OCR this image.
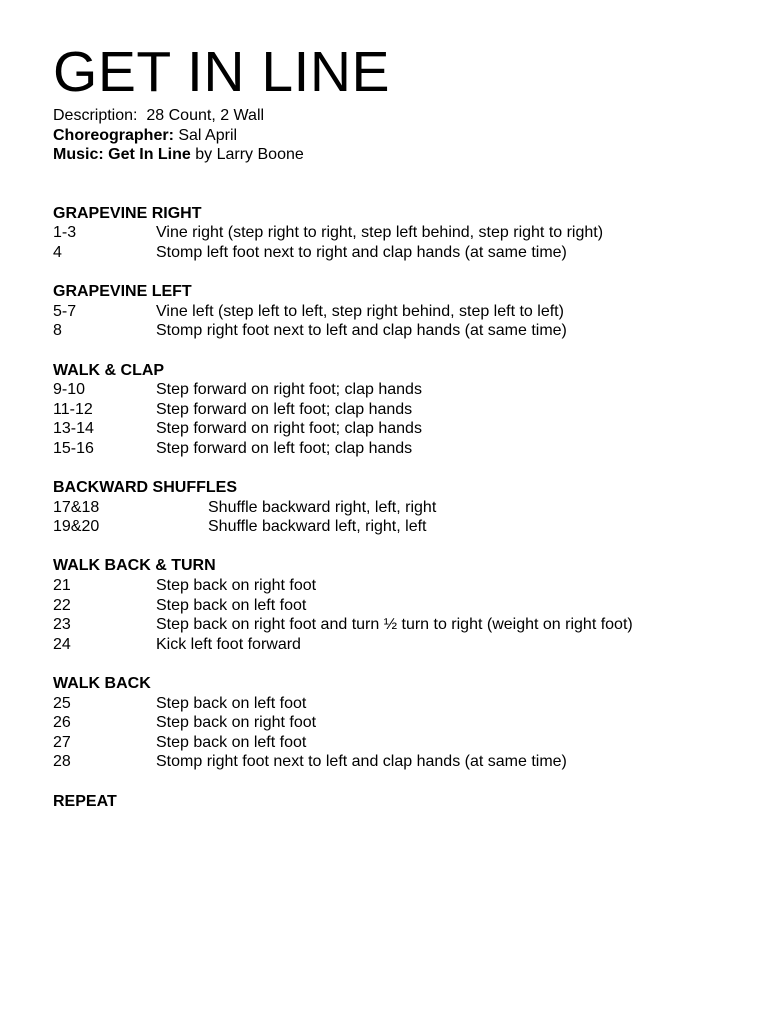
GET IN LINE
Description: 28 Count, 2 Wall
Choreographer: Sal April
Music: Get In Line by Larry Boone
GRAPEVINE RIGHT
1-3	Vine right (step right to right, step left behind, step right to right)
4	Stomp left foot next to right and clap hands (at same time)
GRAPEVINE LEFT
5-7	Vine left (step left to left, step right behind, step left to left)
8	Stomp right foot next to left and clap hands (at same time)
WALK & CLAP
9-10	Step forward on right foot; clap hands
11-12	Step forward on left foot; clap hands
13-14	Step forward on right foot; clap hands
15-16	Step forward on left foot; clap hands
BACKWARD SHUFFLES
17&18	Shuffle backward right, left, right
19&20	Shuffle backward left, right, left
WALK BACK & TURN
21	Step back on right foot
22	Step back on left foot
23	Step back on right foot and turn ½ turn to right (weight on right foot)
24	Kick left foot forward
WALK BACK
25	Step back on left foot
26	Step back on right foot
27	Step back on left foot
28	Stomp right foot next to left and clap hands (at same time)
REPEAT
